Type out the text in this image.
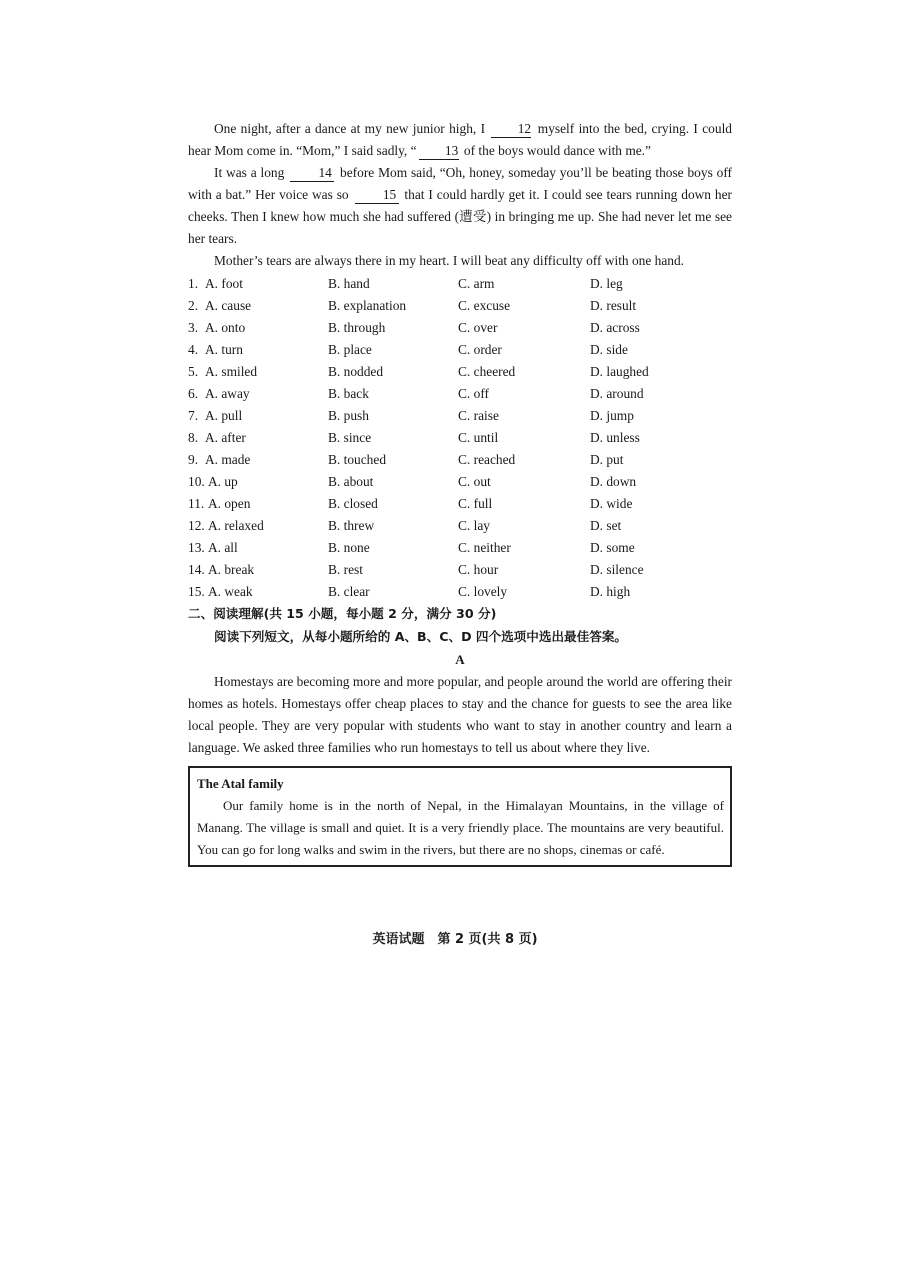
One night, after a dance at my new junior high, I 12 myself into the bed, crying. I could hear Mom come in. “Mom,” I said sadly, “ 13 of the boys would dance with me.”

It was a long 14 before Mom said, “Oh, honey, someday you’ll be beating those boys off with a bat.” Her voice was so 15 that I could hardly get it. I could see tears running down her cheeks. Then I knew how much she had suffered (遭受) in bringing me up. She had never let me see her tears.

Mother’s tears are always there in my heart. I will beat any difficulty off with one hand.

1. A. foot	B. hand	C. arm	D. leg
2. A. cause	B. explanation	C. excuse	D. result
3. A. onto	B. through	C. over	D. across
4. A. turn	B. place	C. order	D. side
5. A. smiled	B. nodded	C. cheered	D. laughed
6. A. away	B. back	C. off	D. around
7. A. pull	B. push	C. raise	D. jump
8. A. after	B. since	C. until	D. unless
9. A. made	B. touched	C. reached	D. put
10. A. up	B. about	C. out	D. down
11. A. open	B. closed	C. full	D. wide
12. A. relaxed	B. threw	C. lay	D. set
13. A. all	B. none	C. neither	D. some
14. A. break	B. rest	C. hour	D. silence
15. A. weak	B. clear	C. lovely	D. high

二、阅读理解(共 15 小题，每小题 2 分，满分 30 分)

阅读下列短文，从每小题所给的 A、B、C、D 四个选项中选出最佳答案。

A

Homestays are becoming more and more popular, and people around the world are offering their homes as hotels. Homestays offer cheap places to stay and the chance for guests to see the area like local people. They are very popular with students who want to stay in another country and learn a language. We asked three families who run homestays to tell us about where they live.

The Atal family

Our family home is in the north of Nepal, in the Himalayan Mountains, in the village of Manang. The village is small and quiet. It is a very friendly place. The mountains are very beautiful. You can go for long walks and swim in the rivers, but there are no shops, cinemas or café.

英语试题　第 2 页(共 8 页)
